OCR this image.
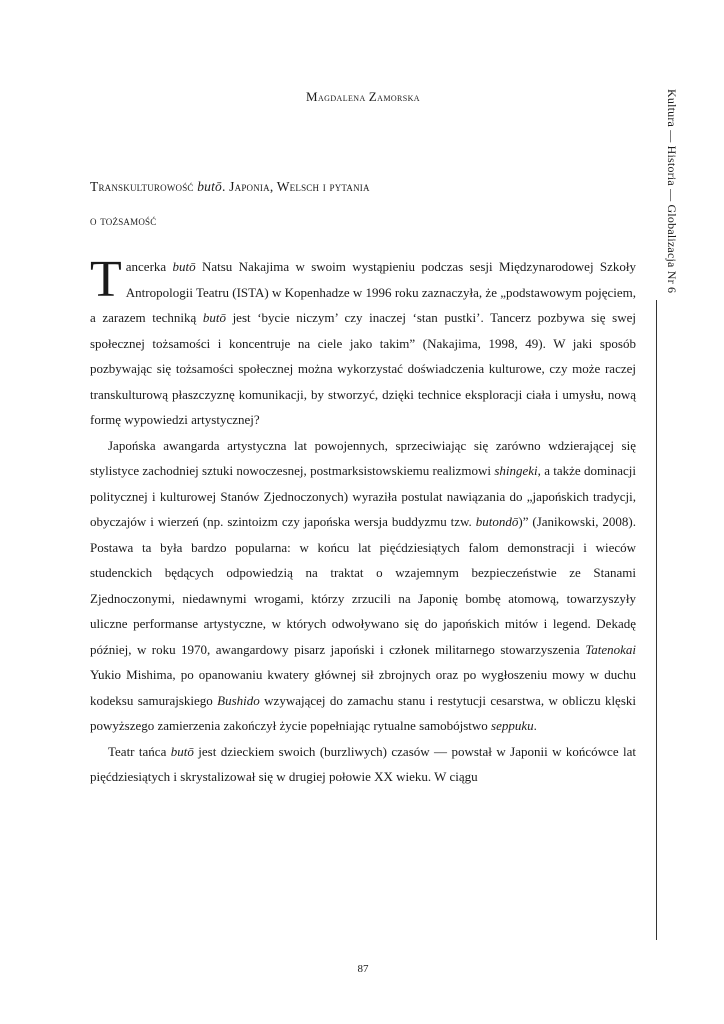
Magdalena Zamorska
Transkulturowość butō. Japonia, Welsch i pytania
o tożsamość	Kultura — Historia — Globalizacja Nr 6

Tancerka butō Natsu Nakajima w swoim wystąpieniu podczas sesji Międzynarodowej Szkoły Antropologii Teatru (ISTA) w Kopenhadze w 1996 roku zaznaczyła, że „podstawowym pojęciem, a zarazem techniką butō jest ‘bycie niczym’ czy inaczej ‘stan pustki’. Tancerz pozbywa się swej społecznej tożsamości i koncentruje na ciele jako takim” (Nakajima, 1998, 49). W jaki sposób pozbywając się tożsamości społecznej można wykorzystać doświadczenia kulturowe, czy może raczej transkulturową płaszczyznę komunikacji, by stworzyć, dzięki technice eksploracji ciała i umysłu, nową formę wypowiedzi artystycznej?

Japońska awangarda artystyczna lat powojennych, sprzeciwiając się zarówno wdzierającej się stylistyce zachodniej sztuki nowoczesnej, postmarksistowskiemu realizmowi shingeki, a także dominacji politycznej i kulturowej Stanów Zjednoczonych) wyraziła postulat nawiązania do „japońskich tradycji, obyczajów i wierzeń (np. szintoizm czy japońska wersja buddyzmu tzw. butondō)” (Janikowski, 2008). Postawa ta była bardzo popularna: w końcu lat pięćdziesiątych falom demonstracji i wieców studenckich będących odpowiedzią na traktat o wzajemnym bezpieczeństwie ze Stanami Zjednoczonymi, niedawnymi wrogami, którzy zrzucili na Japonię bombę atomową, towarzyszyły uliczne performanse artystyczne, w których odwoływano się do japońskich mitów i legend. Dekadę później, w roku 1970, awangardowy pisarz japoński i członek militarnego stowarzyszenia Tatenokai Yukio Mishima, po opanowaniu kwatery głównej sił zbrojnych oraz po wygłoszeniu mowy w duchu kodeksu samurajskiego Bushido wzywającej do zamachu stanu i restytucji cesarstwa, w obliczu klęski powyższego zamierzenia zakończył życie popełniając rytualne samobójstwo seppuku.

Teatr tańca butō jest dzieckiem swoich (burzliwych) czasów — powstał w Japonii w końcówce lat pięćdziesiątych i skrystalizował się w drugiej połowie XX wieku. W ciągu

87
